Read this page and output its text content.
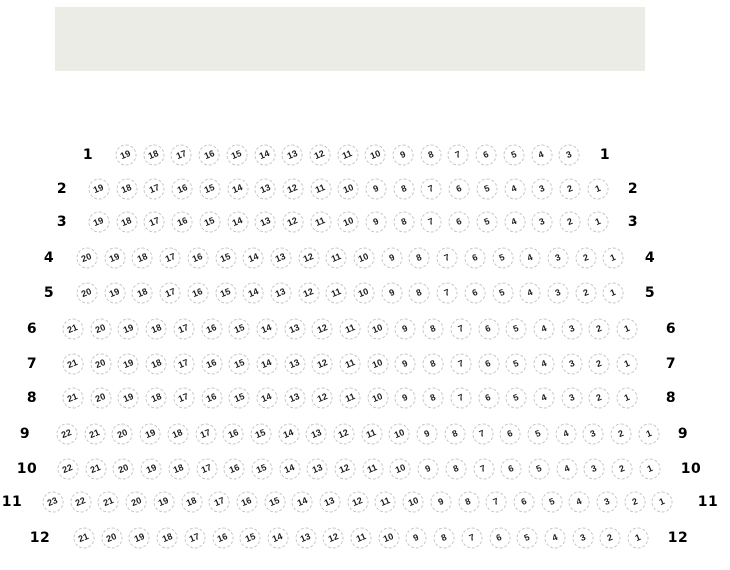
1	19 18 17 16 15 14 13 12 11 10 9 8 7 6 5 4 3 1
2	19 18 17 16 15 14 13 12 11 10 9 8 7 6 5 4 3 2 1 2
3	19 18 17 16 15 14 13 12 11 10 9 8 7 6 5 4 3 2 1 3
4	20 19 18 17 16 15 14 13 12 11 10 9 8 7 6 5 4 3 2 1 4
5	20 19 18 17 16 15 14 13 12 11 10 9 8 7 6 5 4 3 2 1 5
6	21 20 19 18 17 16 15 14 13 12 11 10 9 8 7 6 5 4 3 2 1 6
7	21 20 19 18 17 16 15 14 13 12 11 10 9 8 7 6 5 4 3 2 1 7
8	21 20 19 18 17 16 15 14 13 12 11 10 9 8 7 6 5 4 3 2 1 8
9	22 21 20 19 18 17 16 15 14 13 12 11 10 9 8 7 6 5 4 3 2 1 9
10	22 21 20 19 18 17 16 15 14 13 12 11 10 9 8 7 6 5 4 3 2 1 10
11	23 22 21 20 19 18 17 16 15 14 13 12 11 10 9 8 7 6 5 4 3 2 1 11
12	21 20 19 18 17 16 15 14 13 12 11 10 9 8 7 6 5 4 3 2 1 12
